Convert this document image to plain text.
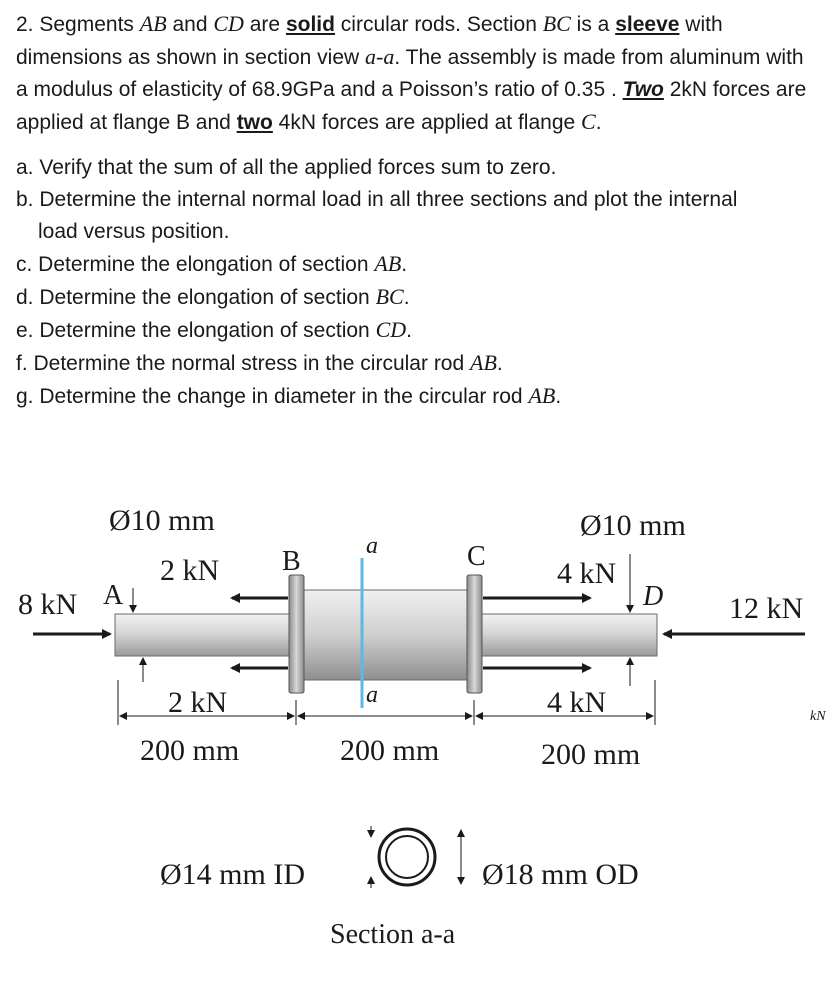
2. Segments AB and CD are solid circular rods. Section BC is a sleeve with dimensions as shown in section view a-a. The assembly is made from aluminum with a modulus of elasticity of 68.9GPa and a Poisson’s ratio of 0.35 . Two 2kN forces are applied at flange B and two 4kN forces are applied at flange C.

a. Verify that the sum of all the applied forces sum to zero.

b. Determine the internal normal load in all three sections and plot the internal

load versus position.

c. Determine the elongation of section AB.

d. Determine the elongation of section BC.

e. Determine the elongation of section CD.

f. Determine the normal stress in the circular rod AB.

g. Determine the change in diameter in the circular rod AB.

Ø10 mm	Ø10 mm
8 kN	12 kN
2 kN
2 kN
4 kN
4 kN
200 mm	200 mm	200 mm
Ø14 mm ID	Ø18 mm OD
A
B	C
D
a
a
Section a-a
kN
